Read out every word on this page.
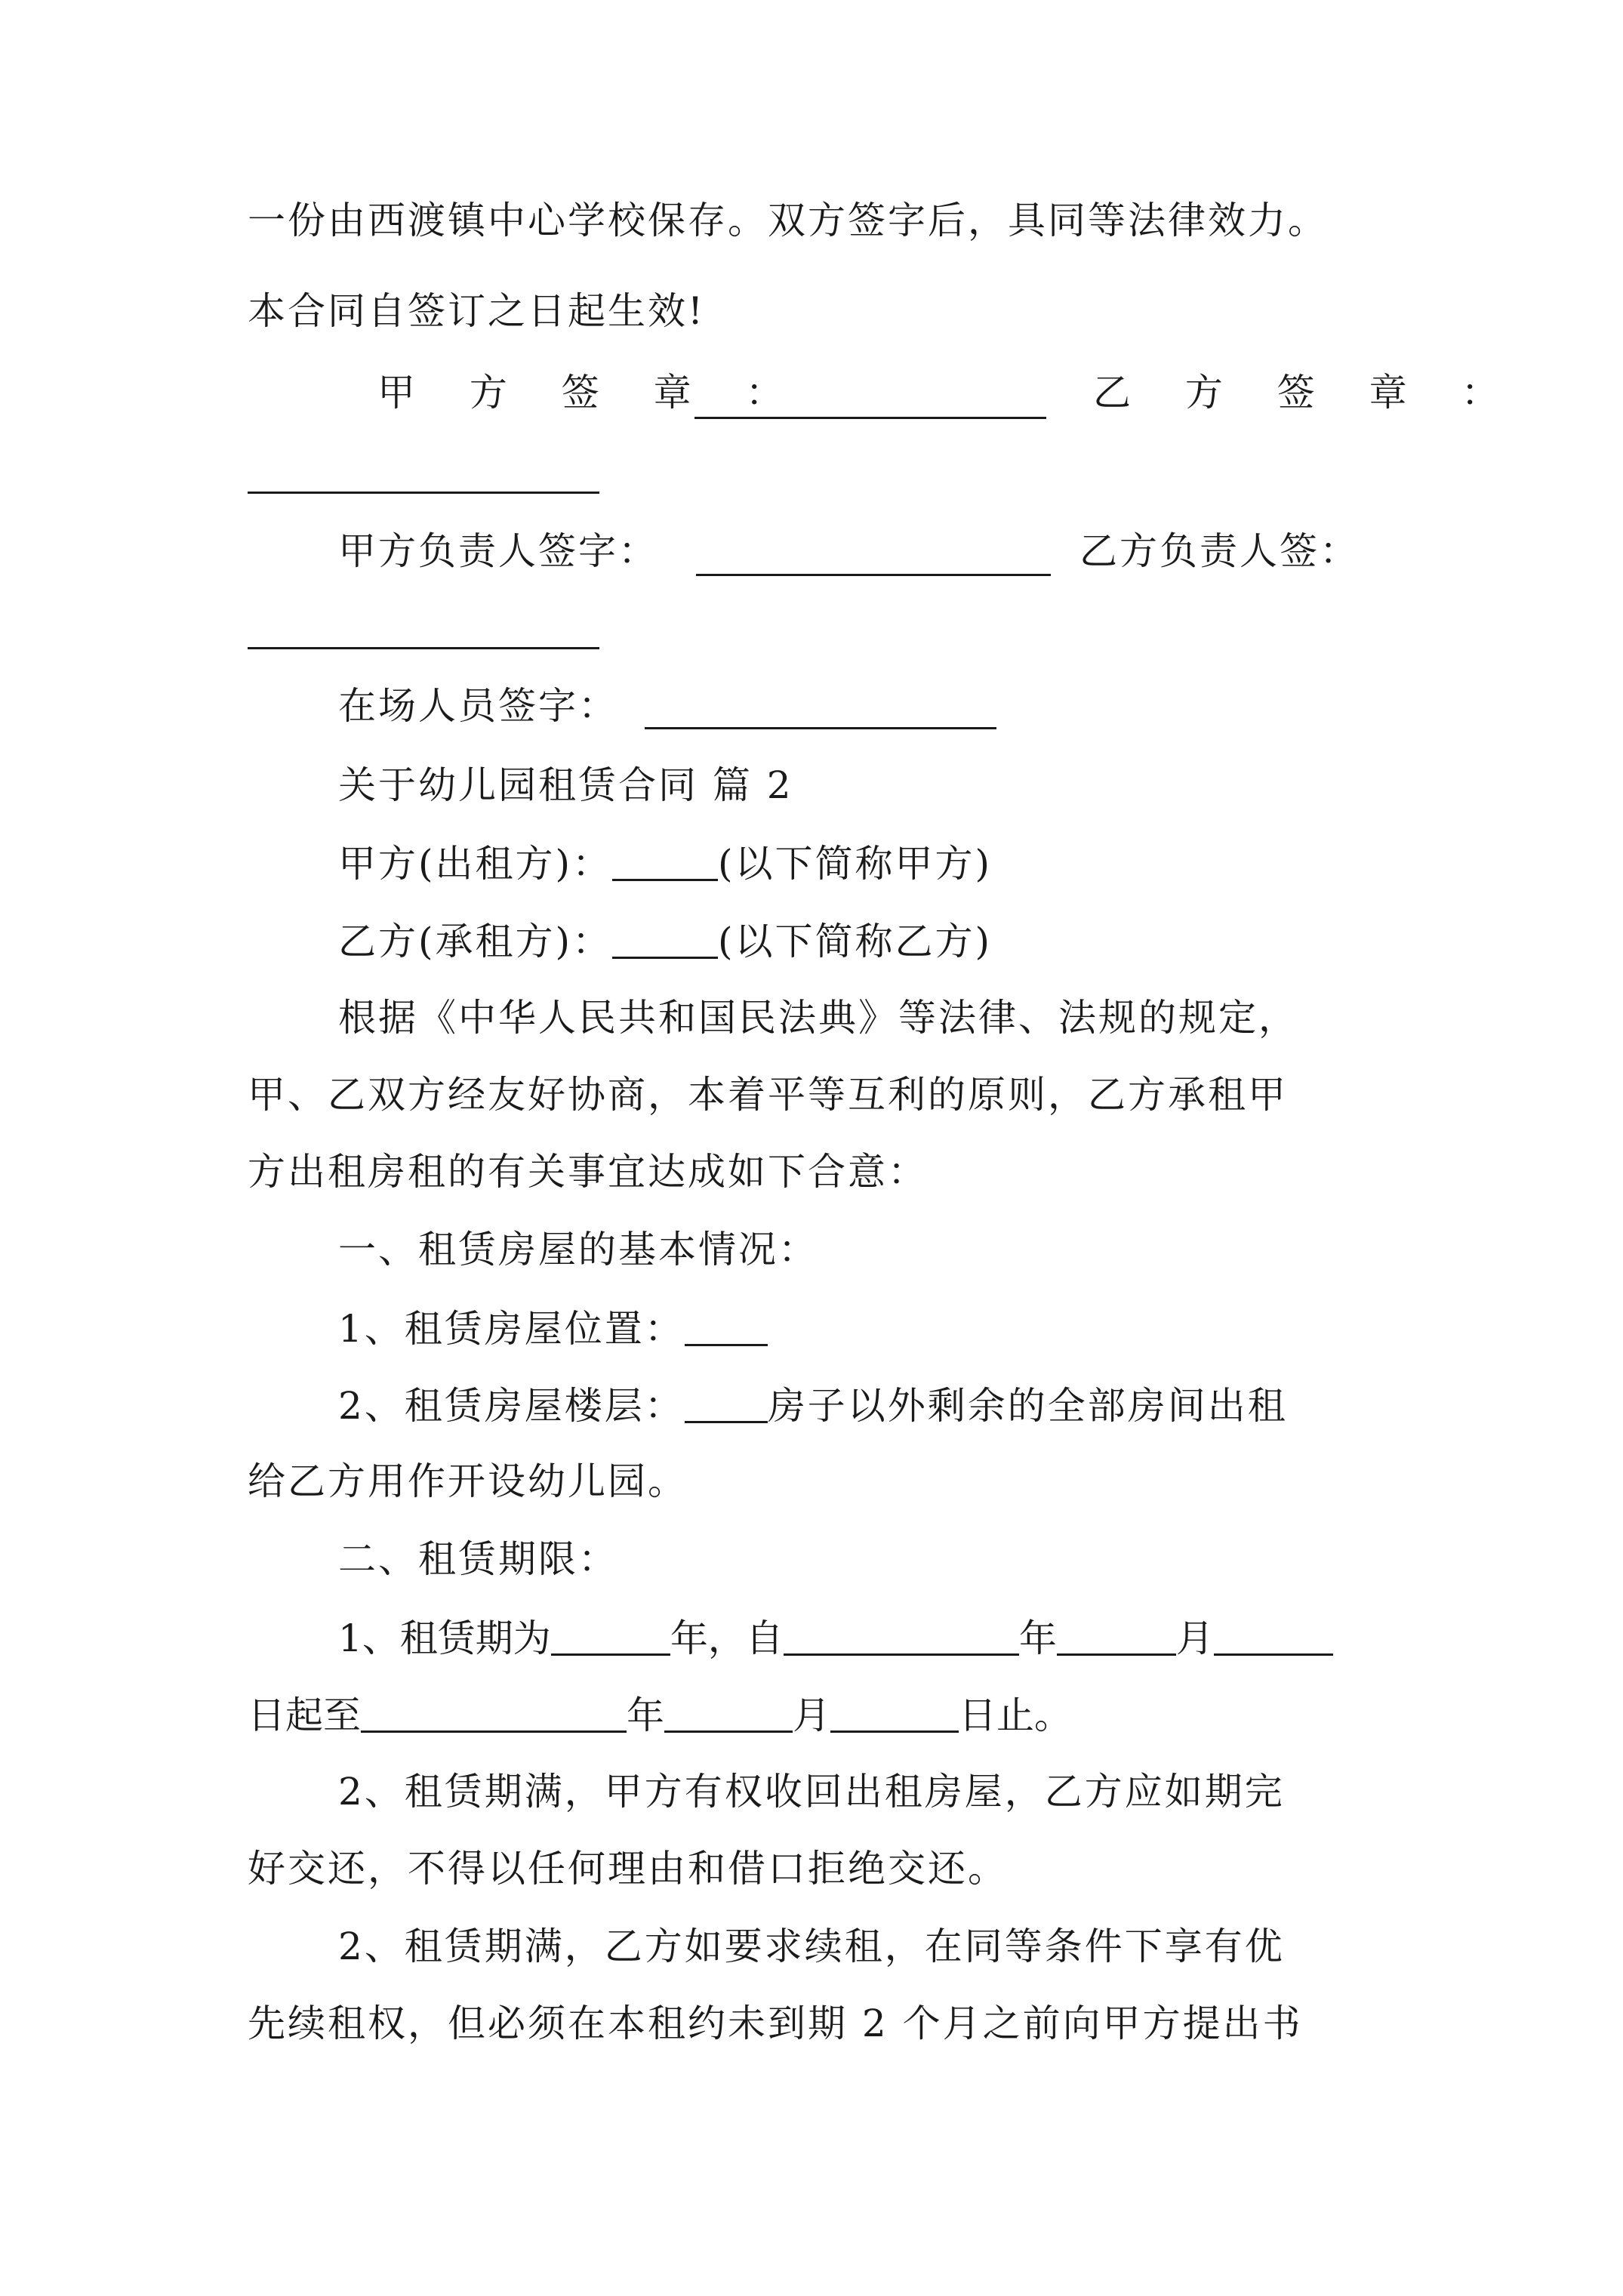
一份由西渡镇中心学校保存。双方签字后，具同等法律效力。
本合同自签订之日起生效!
甲 方 签 章 ：	乙 方 签 章 ：
甲方负责人签字：	乙方负责人签：
在场人员签字：
关于幼儿园租赁合同 篇 2
甲方(出租方)：	(以下简称甲方)
乙方(承租方)：	(以下简称乙方)
根据《中华人民共和国民法典》等法律、法规的规定，
甲、乙双方经友好协商，本着平等互利的原则，乙方承租甲
方出租房租的有关事宜达成如下合意：
一、租赁房屋的基本情况：
1、租赁房屋位置：
2、租赁房屋楼层： 房子以外剩余的全部房间出租
给乙方用作开设幼儿园。
二、租赁期限：
1、租赁期为	年，自	年	月
日起至	年	月	日止。
2、租赁期满，甲方有权收回出租房屋，乙方应如期完
好交还，不得以任何理由和借口拒绝交还。
2、租赁期满，乙方如要求续租，在同等条件下享有优
先续租权，但必须在本租约未到期 2 个月之前向甲方提出书
